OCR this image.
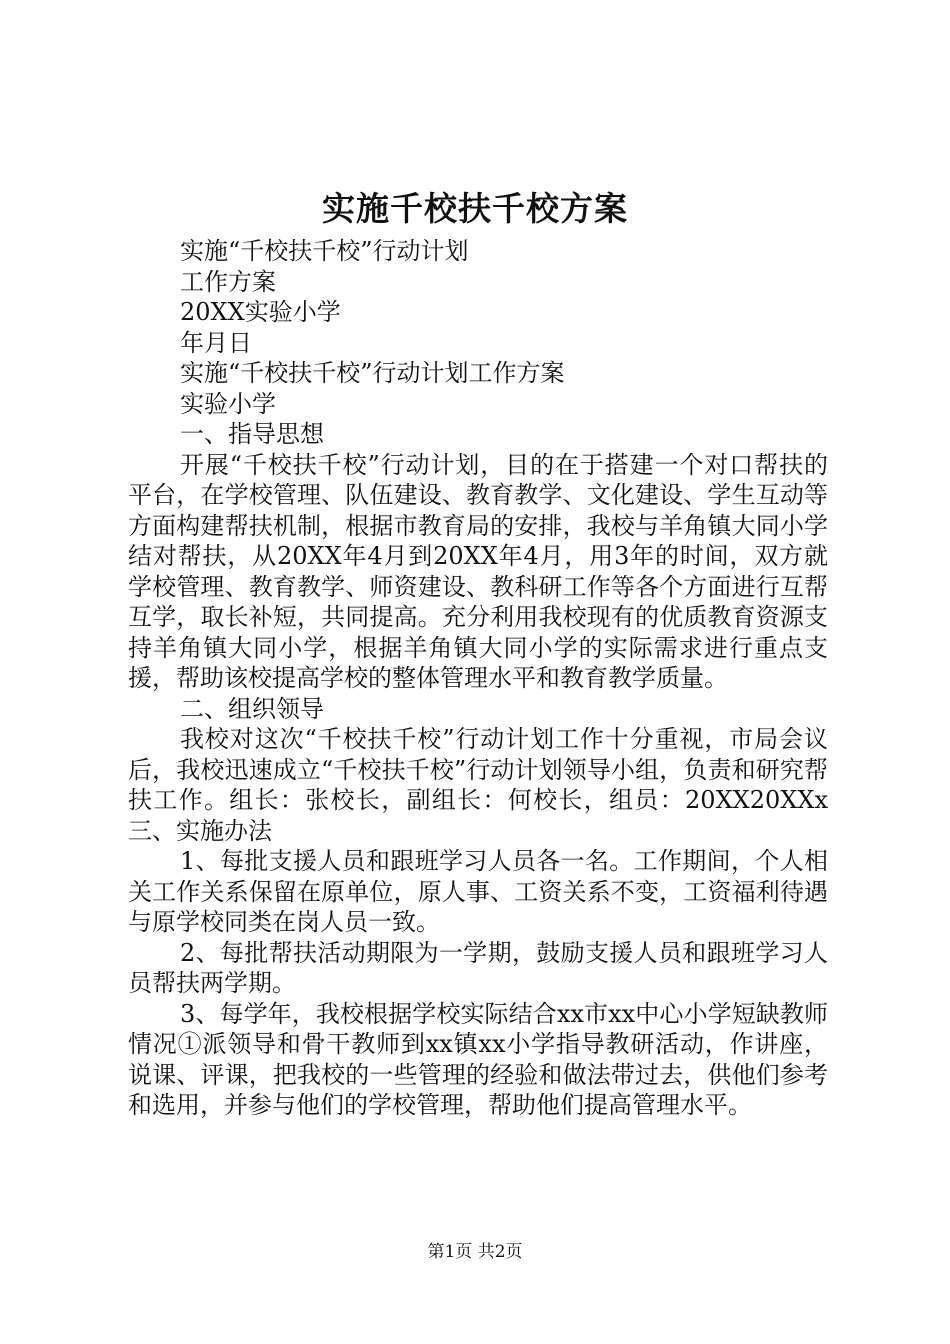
实施千校扶千校方案
实施“千校扶千校”行动计划
工作方案
20XX实验小学
年月日
实施“千校扶千校”行动计划工作方案
实验小学
一、指导思想

开展“千校扶千校”行动计划，目的在于搭建一个对口帮扶的平台，在学校管理、队伍建设、教育教学、文化建设、学生互动等方面构建帮扶机制，根据市教育局的安排，我校与羊角镇大同小学结对帮扶，从20XX年4月到20XX年4月，用3年的时间，双方就学校管理、教育教学、师资建设、教科研工作等各个方面进行互帮互学，取长补短，共同提高。充分利用我校现有的优质教育资源支持羊角镇大同小学，根据羊角镇大同小学的实际需求进行重点支援，帮助该校提高学校的整体管理水平和教育教学质量。

二、组织领导

我校对这次“千校扶千校”行动计划工作十分重视，市局会议后，我校迅速成立“千校扶千校”行动计划领导小组，负责和研究帮扶工作。组长：张校长，副组长：何校长，组员：20XX20XXx三、实施办法

1、每批支援人员和跟班学习人员各一名。工作期间，个人相关工作关系保留在原单位，原人事、工资关系不变，工资福利待遇与原学校同类在岗人员一致。

2、每批帮扶活动期限为一学期，鼓励支援人员和跟班学习人员帮扶两学期。

3、每学年，我校根据学校实际结合xx市xx中心小学短缺教师情况①派领导和骨干教师到xx镇xx小学指导教研活动，作讲座，说课、评课，把我校的一些管理的经验和做法带过去，供他们参考和选用，并参与他们的学校管理，帮助他们提高管理水平。

第1页 共2页
